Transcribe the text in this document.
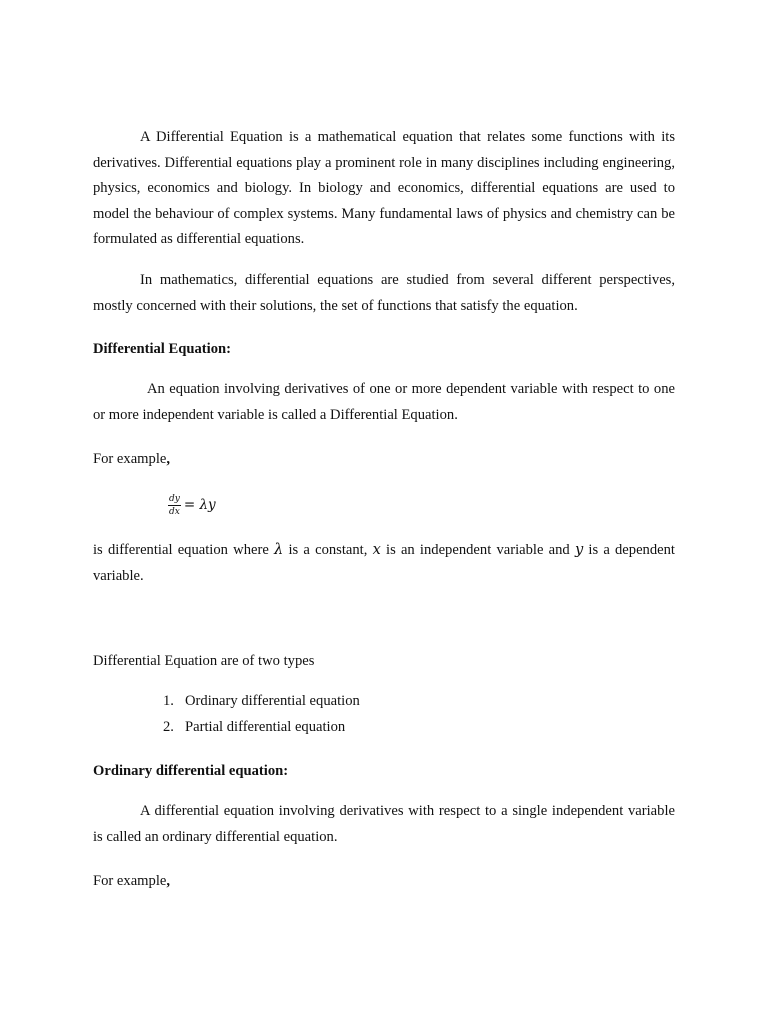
A Differential Equation is a mathematical equation that relates some functions with its derivatives. Differential equations play a prominent role in many disciplines including engineering, physics, economics and biology. In biology and economics, differential equations are used to model the behaviour of complex systems. Many fundamental laws of physics and chemistry can be formulated as differential equations.

In mathematics, differential equations are studied from several different perspectives, mostly concerned with their solutions, the set of functions that satisfy the equation.

Differential Equation:

An equation involving derivatives of one or more dependent variable with respect to one or more independent variable is called a Differential Equation.

For example,

$\frac{dy}{dx} = \lambda y$

is differential equation where λ is a constant, x is an independent variable and y is a dependent variable.

Differential Equation are of two types

1. Ordinary differential equation
2. Partial differential equation

Ordinary differential equation:

A differential equation involving derivatives with respect to a single independent variable is called an ordinary differential equation.

For example,
